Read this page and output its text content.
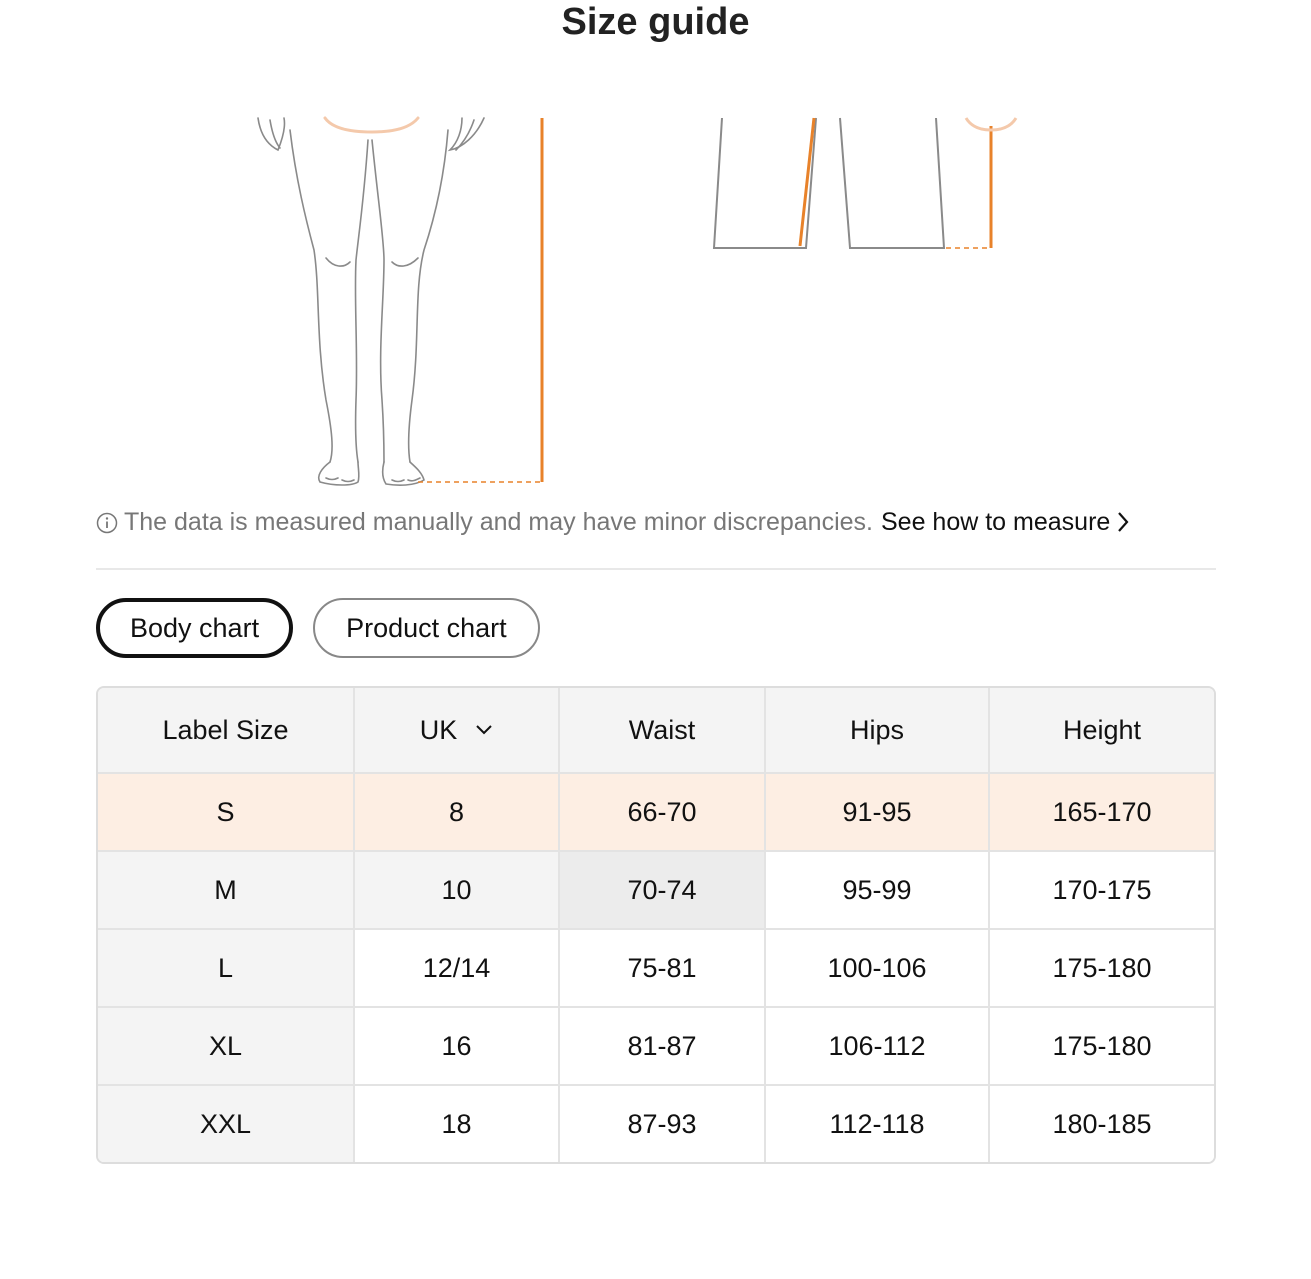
Size guide
The data is measured manually and may have minor discrepancies. See how to measure
Body chart	Product chart
Label Size	UK	Waist	Hips	Height
S	8	66-70	91-95	165-170
M	10	70-74	95-99	170-175
L	12/14	75-81	100-106	175-180
XL	16	81-87	106-112	175-180
XXL	18	87-93	112-118	180-185
